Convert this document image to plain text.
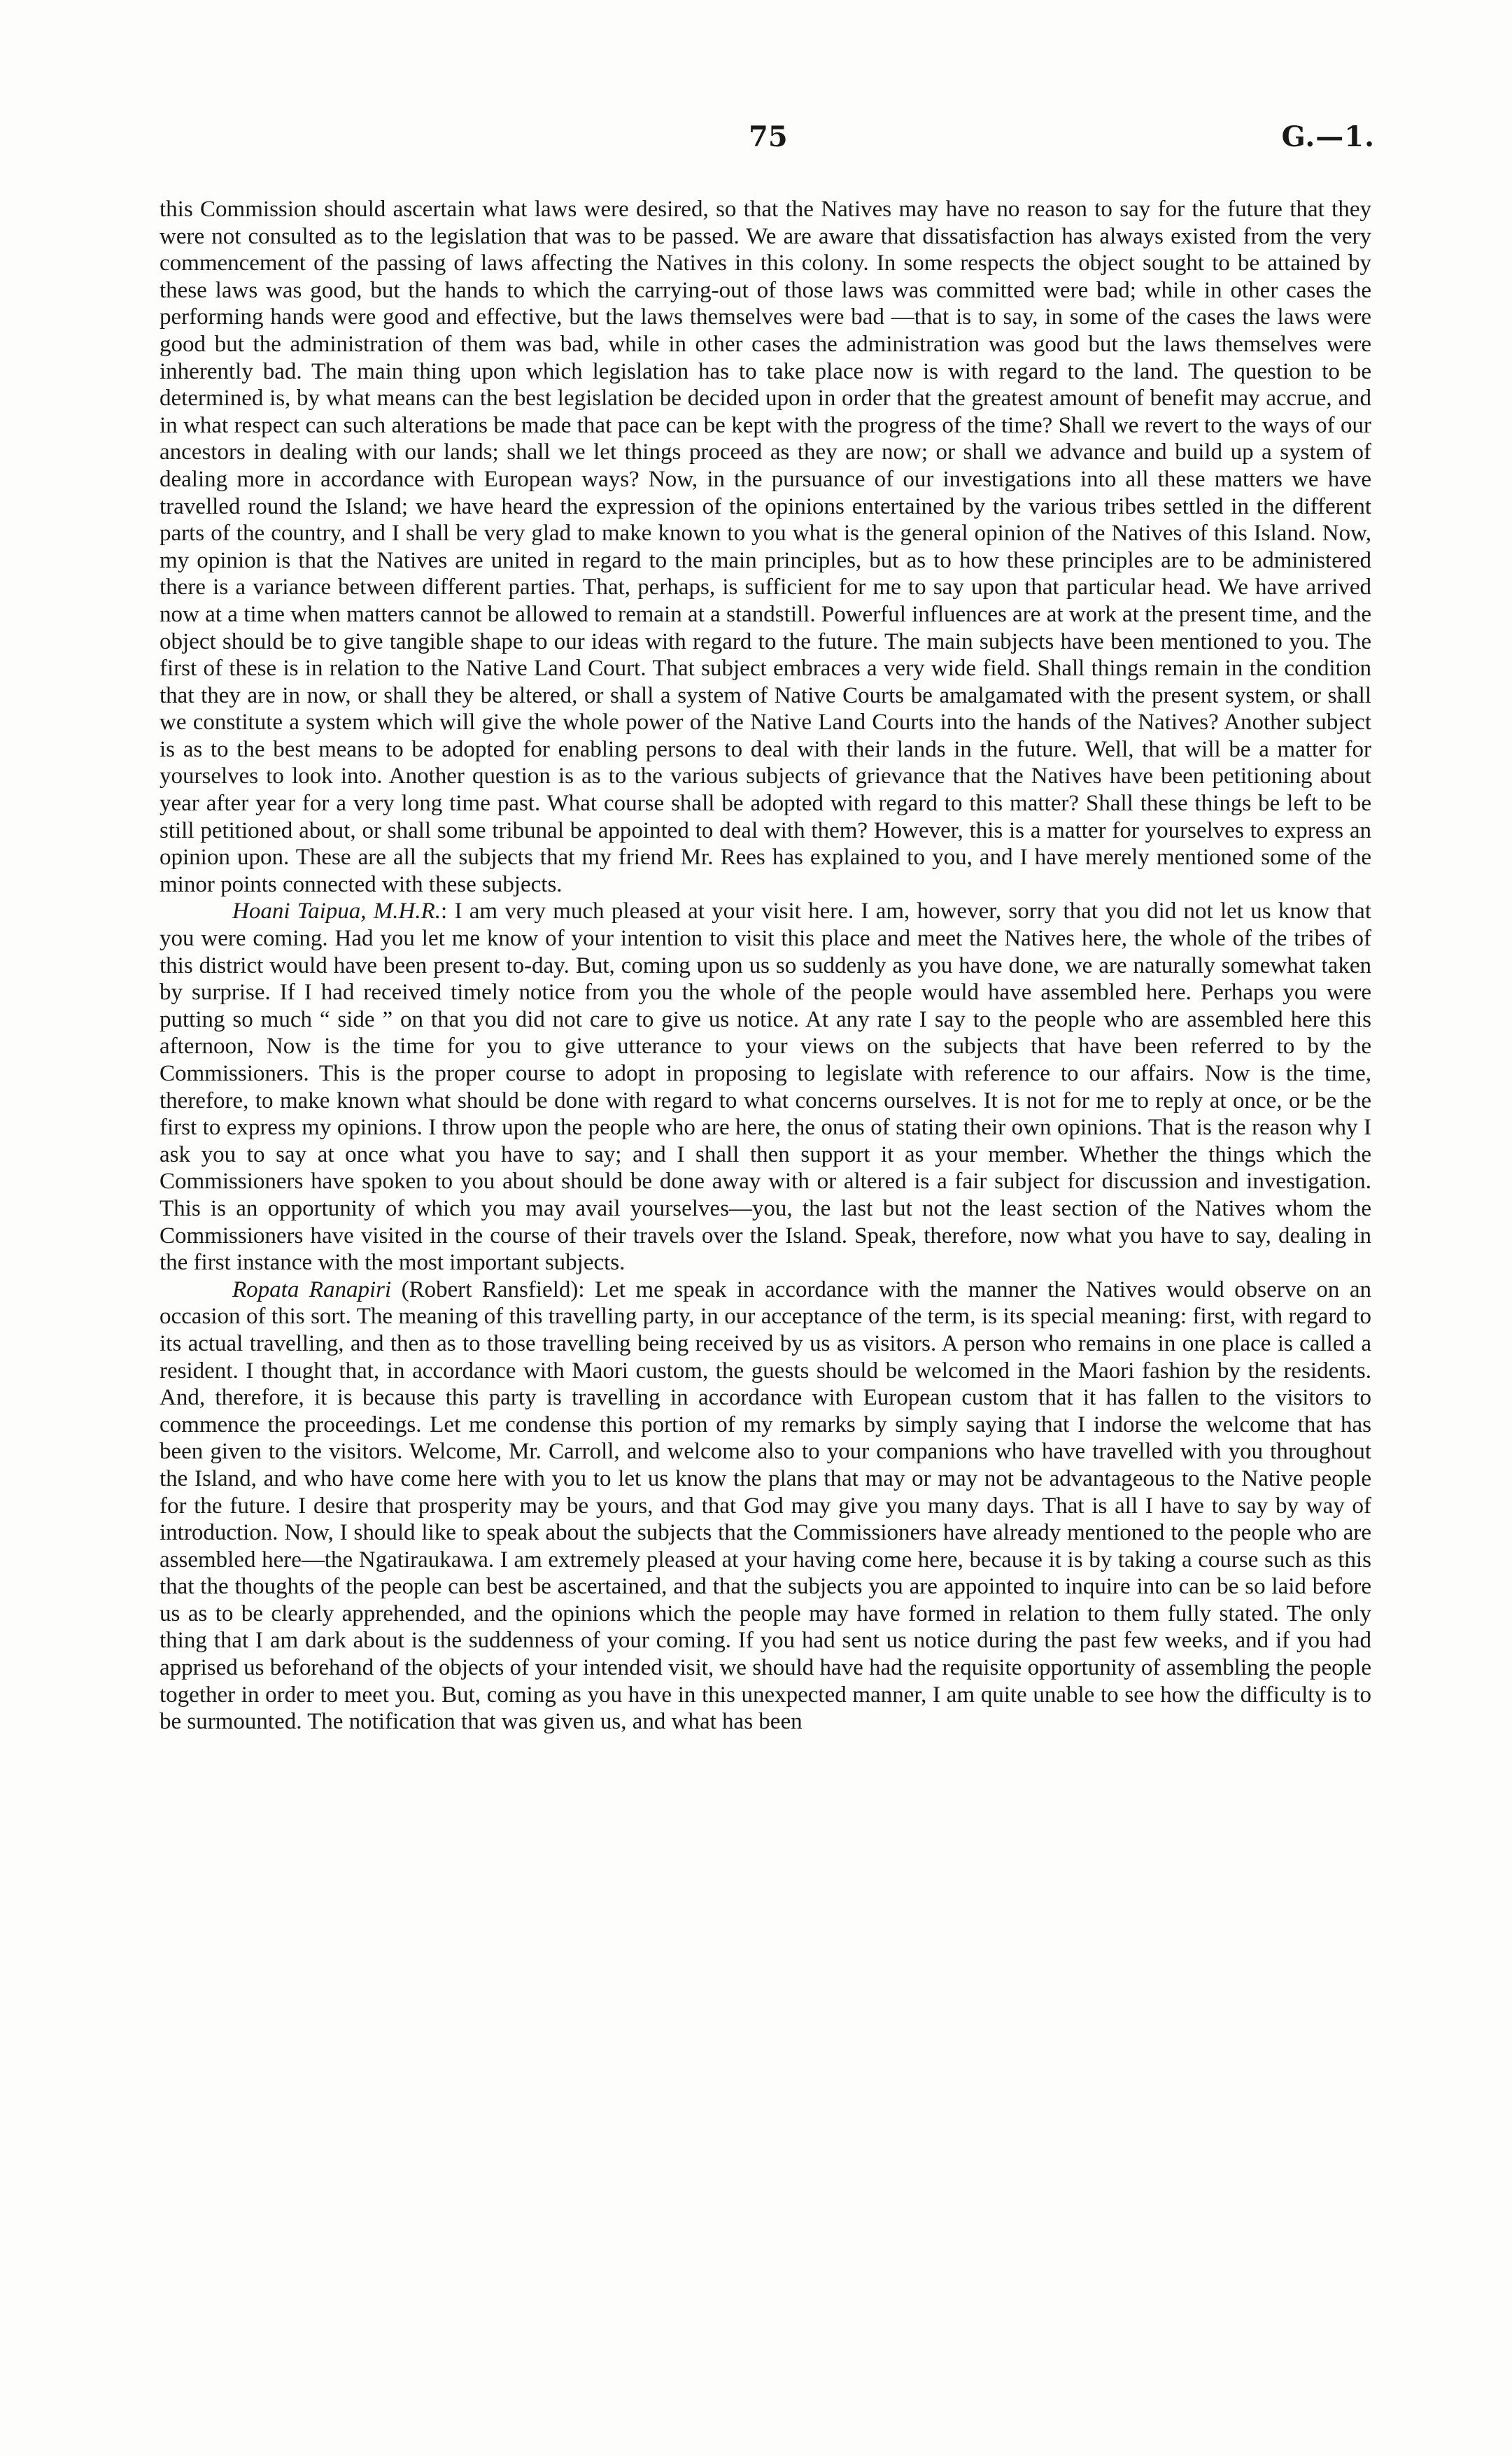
75	G.—1.

this Commission should ascertain what laws were desired, so that the Natives may have no reason to say for the future that they were not consulted as to the legislation that was to be passed. We are aware that dissatisfaction has always existed from the very commencement of the passing of laws affecting the Natives in this colony. In some respects the object sought to be attained by these laws was good, but the hands to which the carrying-out of those laws was committed were bad; while in other cases the performing hands were good and effective, but the laws themselves were bad —that is to say, in some of the cases the laws were good but the administration of them was bad, while in other cases the administration was good but the laws themselves were inherently bad. The main thing upon which legislation has to take place now is with regard to the land. The question to be determined is, by what means can the best legislation be decided upon in order that the greatest amount of benefit may accrue, and in what respect can such alterations be made that pace can be kept with the progress of the time? Shall we revert to the ways of our ancestors in dealing with our lands; shall we let things proceed as they are now; or shall we advance and build up a system of dealing more in accordance with European ways? Now, in the pursuance of our investigations into all these matters we have travelled round the Island; we have heard the expression of the opinions entertained by the various tribes settled in the different parts of the country, and I shall be very glad to make known to you what is the general opinion of the Natives of this Island. Now, my opinion is that the Natives are united in regard to the main principles, but as to how these principles are to be administered there is a variance between different parties. That, perhaps, is sufficient for me to say upon that particular head. We have arrived now at a time when matters cannot be allowed to remain at a standstill. Powerful influences are at work at the present time, and the object should be to give tangible shape to our ideas with regard to the future. The main subjects have been mentioned to you. The first of these is in relation to the Native Land Court. That subject embraces a very wide field. Shall things remain in the condition that they are in now, or shall they be altered, or shall a system of Native Courts be amalgamated with the present system, or shall we constitute a system which will give the whole power of the Native Land Courts into the hands of the Natives? Another subject is as to the best means to be adopted for enabling persons to deal with their lands in the future. Well, that will be a matter for yourselves to look into. Another question is as to the various subjects of grievance that the Natives have been petitioning about year after year for a very long time past. What course shall be adopted with regard to this matter? Shall these things be left to be still petitioned about, or shall some tribunal be appointed to deal with them? However, this is a matter for yourselves to express an opinion upon. These are all the subjects that my friend Mr. Rees has explained to you, and I have merely mentioned some of the minor points connected with these subjects.

Hoani Taipua, M.H.R.: I am very much pleased at your visit here. I am, however, sorry that you did not let us know that you were coming. Had you let me know of your intention to visit this place and meet the Natives here, the whole of the tribes of this district would have been present to-day. But, coming upon us so suddenly as you have done, we are naturally somewhat taken by surprise. If I had received timely notice from you the whole of the people would have assembled here. Perhaps you were putting so much “ side ” on that you did not care to give us notice. At any rate I say to the people who are assembled here this afternoon, Now is the time for you to give utterance to your views on the subjects that have been referred to by the Commissioners. This is the proper course to adopt in proposing to legislate with reference to our affairs. Now is the time, therefore, to make known what should be done with regard to what concerns ourselves. It is not for me to reply at once, or be the first to express my opinions. I throw upon the people who are here, the onus of stating their own opinions. That is the reason why I ask you to say at once what you have to say; and I shall then support it as your member. Whether the things which the Commissioners have spoken to you about should be done away with or altered is a fair subject for discussion and investigation. This is an opportunity of which you may avail yourselves—you, the last but not the least section of the Natives whom the Commissioners have visited in the course of their travels over the Island. Speak, therefore, now what you have to say, dealing in the first instance with the most important subjects.

Ropata Ranapiri (Robert Ransfield): Let me speak in accordance with the manner the Natives would observe on an occasion of this sort. The meaning of this travelling party, in our acceptance of the term, is its special meaning: first, with regard to its actual travelling, and then as to those travelling being received by us as visitors. A person who remains in one place is called a resident. I thought that, in accordance with Maori custom, the guests should be welcomed in the Maori fashion by the residents. And, therefore, it is because this party is travelling in accordance with European custom that it has fallen to the visitors to commence the proceedings. Let me condense this portion of my remarks by simply saying that I indorse the welcome that has been given to the visitors. Welcome, Mr. Carroll, and welcome also to your companions who have travelled with you throughout the Island, and who have come here with you to let us know the plans that may or may not be advantageous to the Native people for the future. I desire that prosperity may be yours, and that God may give you many days. That is all I have to say by way of introduction. Now, I should like to speak about the subjects that the Commissioners have already mentioned to the people who are assembled here—the Ngatiraukawa. I am extremely pleased at your having come here, because it is by taking a course such as this that the thoughts of the people can best be ascertained, and that the subjects you are appointed to inquire into can be so laid before us as to be clearly apprehended, and the opinions which the people may have formed in relation to them fully stated. The only thing that I am dark about is the suddenness of your coming. If you had sent us notice during the past few weeks, and if you had apprised us beforehand of the objects of your intended visit, we should have had the requisite opportunity of assembling the people together in order to meet you. But, coming as you have in this unexpected manner, I am quite unable to see how the difficulty is to be surmounted. The notification that was given us, and what has been
